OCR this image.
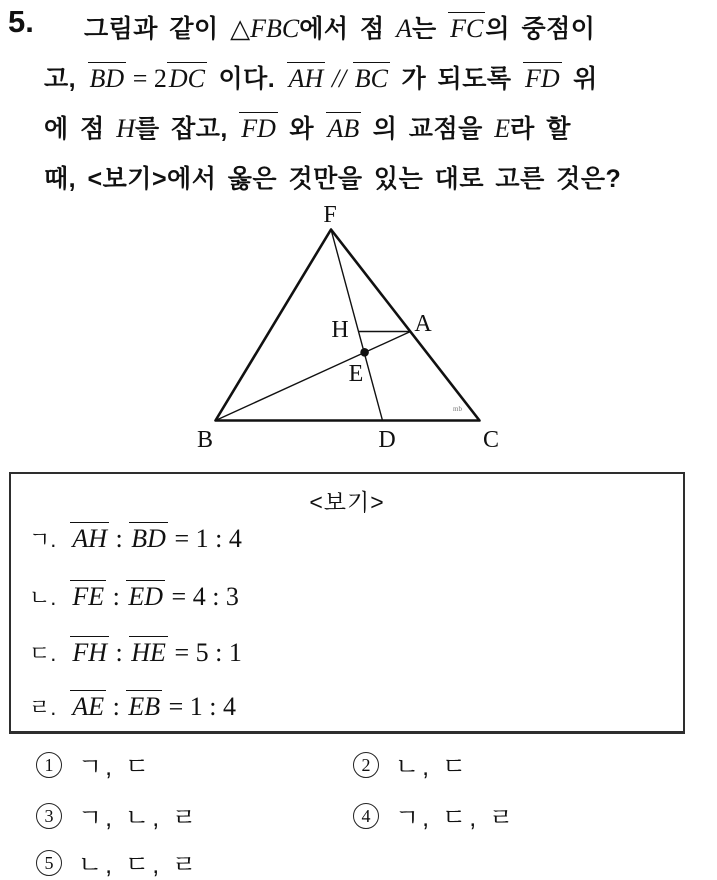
5.	그림과 같이 △FBC에서 점 A는 FC의 중점이
고, BD = 2DC 이다. AH // BC 가 되도록 FD 위
에 점 H를 잡고, FD 와 AB 의 교점을 E라 할
때, <보기>에서 옳은 것만을 있는 대로 고른 것은?
F
B	C
D
A
H
E
mb
<보기>
ㄱ. AH : BD = 1 : 4
ㄴ. FE : ED = 4 : 3
ㄷ. FH : HE = 5 : 1
ㄹ. AE : EB = 1 : 4
1 ㄱ, ㄷ	2 ㄴ, ㄷ
3 ㄱ, ㄴ, ㄹ	4 ㄱ, ㄷ, ㄹ
5 ㄴ, ㄷ, ㄹ
